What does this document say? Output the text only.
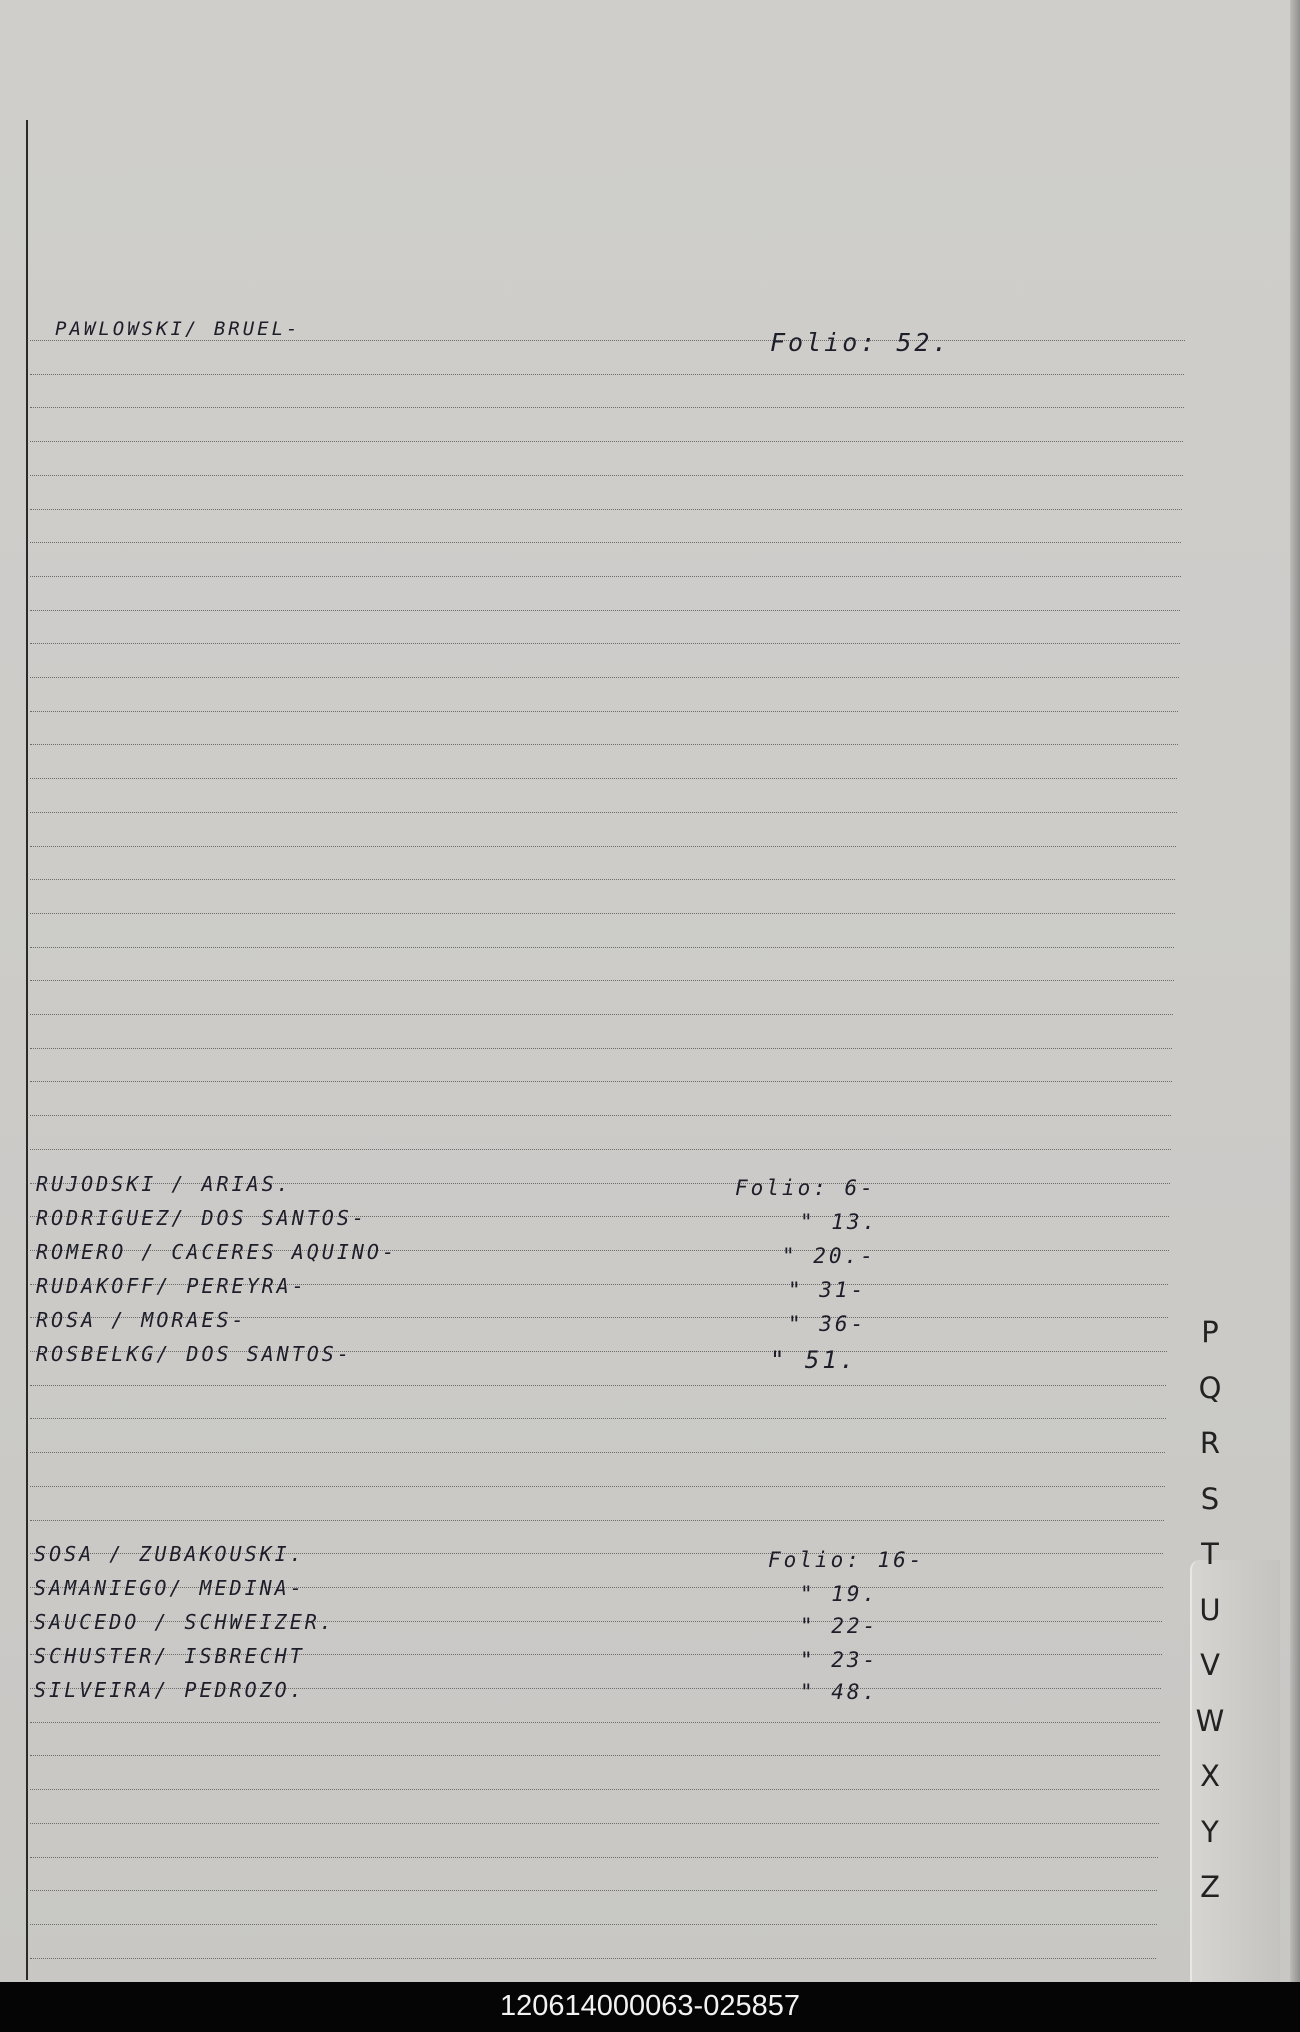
PAWLOWSKI/ BRUEL-	Folio: 52.
RUJODSKI / ARIAS.	Folio: 6-
RODRIGUEZ/ DOS SANTOS-	" 13.
ROMERO / CACERES AQUINO-	" 20.-
RUDAKOFF/ PEREYRA-	" 31-
ROSA / MORAES-	" 36-
ROSBELKG/ DOS SANTOS-	" 51.
SOSA / ZUBAKOUSKI.	Folio: 16-
SAMANIEGO/ MEDINA-	" 19.
SAUCEDO / SCHWEIZER.	" 22-
SCHUSTER/ ISBRECHT	" 23-
SILVEIRA/ PEDROZO.	" 48.
P
Q
R
S
T
U
V
W
X
Y
Z
120614000063-025857
